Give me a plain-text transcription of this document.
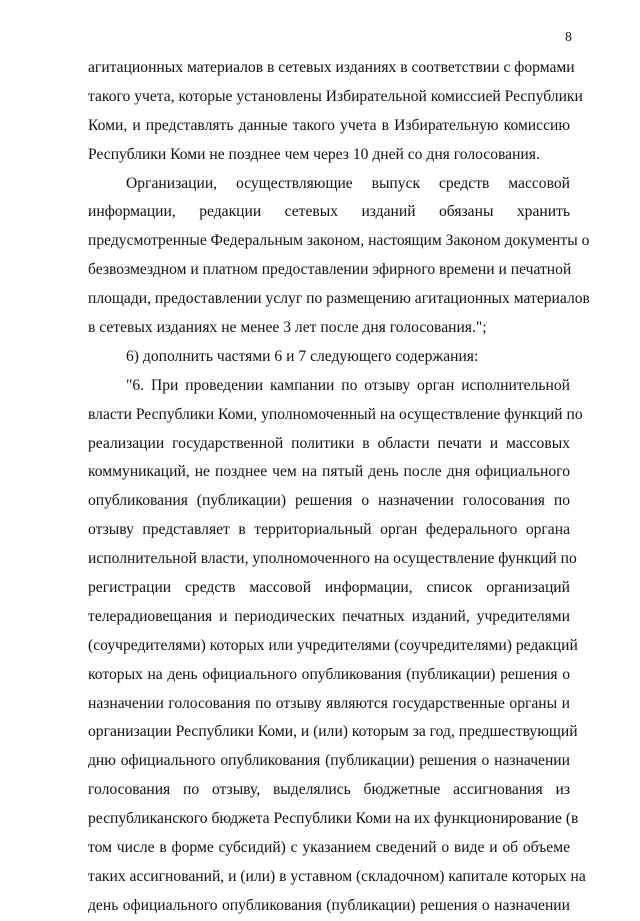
8
агитационных материалов в сетевых изданиях в соответствии с формами
такого учета, которые установлены Избирательной комиссией Республики
Коми, и представлять данные такого учета в Избирательную комиссию
Республики Коми не позднее чем через 10 дней со дня голосования.
Организации, осуществляющие выпуск средств массовой
информации, редакции сетевых изданий обязаны хранить
предусмотренные Федеральным законом, настоящим Законом документы о
безвозмездном и платном предоставлении эфирного времени и печатной
площади, предоставлении услуг по размещению агитационных материалов
в сетевых изданиях не менее 3 лет после дня голосования.";
6) дополнить частями 6 и 7 следующего содержания:
"6. При проведении кампании по отзыву орган исполнительной
власти Республики Коми, уполномоченный на осуществление функций по
реализации государственной политики в области печати и массовых
коммуникаций, не позднее чем на пятый день после дня официального
опубликования (публикации) решения о назначении голосования по
отзыву представляет в территориальный орган федерального органа
исполнительной власти, уполномоченного на осуществление функций по
регистрации средств массовой информации, список организаций
телерадиовещания и периодических печатных изданий, учредителями
(соучредителями) которых или учредителями (соучредителями) редакций
которых на день официального опубликования (публикации) решения о
назначении голосования по отзыву являются государственные органы и
организации Республики Коми, и (или) которым за год, предшествующий
дню официального опубликования (публикации) решения о назначении
голосования по отзыву, выделялись бюджетные ассигнования из
республиканского бюджета Республики Коми на их функционирование (в
том числе в форме субсидий) с указанием сведений о виде и об объеме
таких ассигнований, и (или) в уставном (складочном) капитале которых на
день официального опубликования (публикации) решения о назначении
